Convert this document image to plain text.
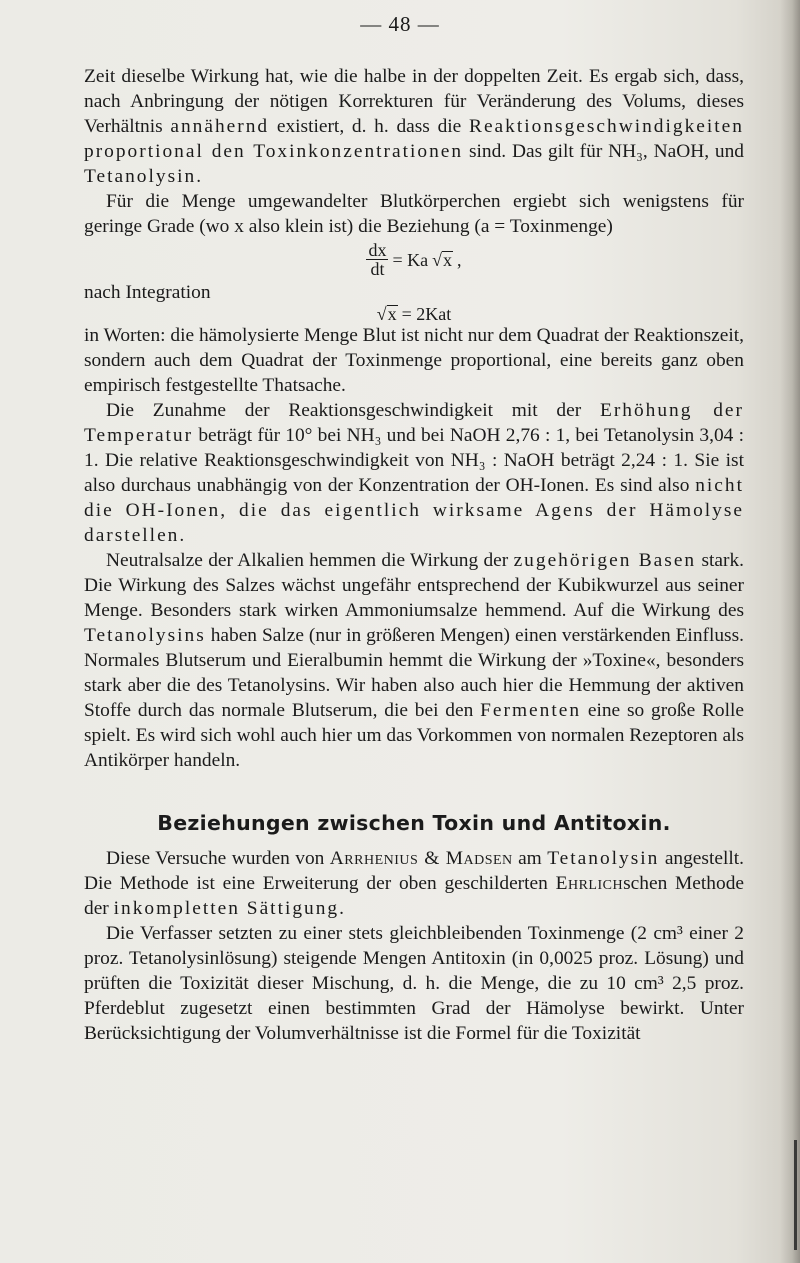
— 48 —

Zeit dieselbe Wirkung hat, wie die halbe in der doppelten Zeit. Es ergab sich, dass, nach Anbringung der nötigen Korrekturen für Veränderung des Volums, dieses Verhältnis annähernd existiert, d. h. dass die Reaktionsgeschwindigkeiten proportional den Toxinkonzentrationen sind. Das gilt für NH₃, NaOH, und Tetanolysin.

Für die Menge umgewandelter Blutkörperchen ergiebt sich wenigstens für geringe Grade (wo x also klein ist) die Beziehung (a = Toxinmenge)

$\frac{dx}{dt} = Ka$ √x ,

nach Integration

√x = 2Kat

in Worten: die hämolysierte Menge Blut ist nicht nur dem Quadrat der Reaktionszeit, sondern auch dem Quadrat der Toxinmenge proportional, eine bereits ganz oben empirisch festgestellte Thatsache.

Die Zunahme der Reaktionsgeschwindigkeit mit der Erhöhung der Temperatur beträgt für 10° bei NH₃ und bei NaOH 2,76 : 1, bei Tetanolysin 3,04 : 1. Die relative Reaktionsgeschwindigkeit von NH₃ : NaOH beträgt 2,24 : 1. Sie ist also durchaus unabhängig von der Konzentration der OH-Ionen. Es sind also nicht die OH-Ionen, die das eigentlich wirksame Agens der Hämolyse darstellen.

Neutralsalze der Alkalien hemmen die Wirkung der zugehörigen Basen stark. Die Wirkung des Salzes wächst ungefähr entsprechend der Kubikwurzel aus seiner Menge. Besonders stark wirken Ammoniumsalze hemmend. Auf die Wirkung des Tetanolysins haben Salze (nur in größeren Mengen) einen verstärkenden Einfluss. Normales Blutserum und Eieralbumin hemmt die Wirkung der »Toxine«, besonders stark aber die des Tetanolysins. Wir haben also auch hier die Hemmung der aktiven Stoffe durch das normale Blutserum, die bei den Fermenten eine so große Rolle spielt. Es wird sich wohl auch hier um das Vorkommen von normalen Rezeptoren als Antikörper handeln.

Beziehungen zwischen Toxin und Antitoxin.

Diese Versuche wurden von Arrhenius & Madsen am Tetanolysin angestellt. Die Methode ist eine Erweiterung der oben geschilderten Ehrlichschen Methode der inkompletten Sättigung.

Die Verfasser setzten zu einer stets gleichbleibenden Toxinmenge (2 cm³ einer 2 proz. Tetanolysinlösung) steigende Mengen Antitoxin (in 0,0025 proz. Lösung) und prüften die Toxizität dieser Mischung, d. h. die Menge, die zu 10 cm³ 2,5 proz. Pferdeblut zugesetzt einen bestimmten Grad der Hämolyse bewirkt. Unter Berücksichtigung der Volumverhältnisse ist die Formel für die Toxizität
